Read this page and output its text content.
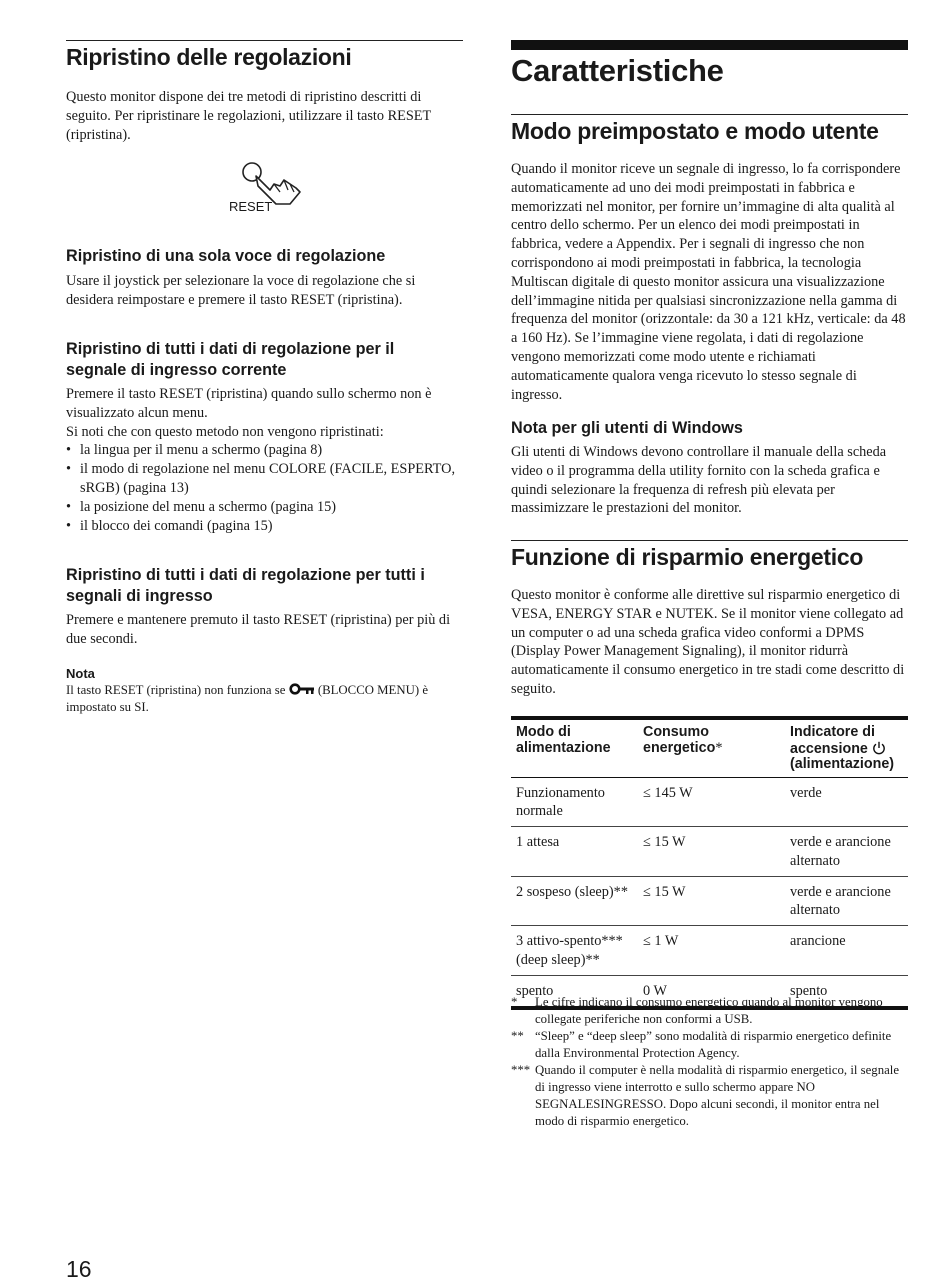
Ripristino delle regolazioni

Questo monitor dispone dei tre metodi di ripristino descritti di seguito. Per ripristinare le regolazioni, utilizzare il tasto RESET (ripristina).

RESET
Ripristino di una sola voce di regolazione

Usare il joystick per selezionare la voce di regolazione che si desidera reimpostare e premere il tasto RESET (ripristina).

Ripristino di tutti i dati di regolazione per il segnale di ingresso corrente

Premere il tasto RESET (ripristina) quando sullo schermo non è visualizzato alcun menu.

Si noti che con questo metodo non vengono ripristinati:

• la lingua per il menu a schermo (pagina 8)
• il modo di regolazione nel menu COLORE (FACILE, ESPERTO, sRGB) (pagina 13)
• la posizione del menu a schermo (pagina 15)
• il blocco dei comandi (pagina 15)
Ripristino di tutti i dati di regolazione per tutti i segnali di ingresso

Premere e mantenere premuto il tasto RESET (ripristina) per più di due secondi.

Nota
Il tasto RESET (ripristina) non funziona se	(BLOCCO MENU) è impostato su SI.
Caratteristiche
Modo preimpostato e modo utente

Quando il monitor riceve un segnale di ingresso, lo fa corrispondere automaticamente ad uno dei modi preimpostati in fabbrica e memorizzati nel monitor, per fornire un’immagine di alta qualità al centro dello schermo. Per un elenco dei modi preimpostati in fabbrica, vedere a Appendix. Per i segnali di ingresso che non corrispondono ai modi preimpostati in fabbrica, la tecnologia Multiscan digitale di questo monitor assicura una visualizzazione dell’immagine nitida per qualsiasi sincronizzazione nella gamma di frequenza del monitor (orizzontale: da 30 a 121 kHz, verticale: da 48 a 160 Hz). Se l’immagine viene regolata, i dati di regolazione vengono memorizzati come modo utente e richiamati automaticamente qualora venga ricevuto lo stesso segnale di ingresso.

Nota per gli utenti di Windows

Gli utenti di Windows devono controllare il manuale della scheda video o il programma della utility fornito con la scheda grafica e quindi selezionare la frequenza di refresh più elevata per massimizzare le prestazioni del monitor.

Funzione di risparmio energetico

Questo monitor è conforme alle direttive sul risparmio energetico di VESA, ENERGY STAR e NUTEK. Se il monitor viene collegato ad un computer o ad una scheda grafica video conformi a DPMS (Display Power Management Signaling), il monitor ridurrà automaticamente il consumo energetico in tre stadi come descritto di seguito.

Modo di alimentazione	Consumo energetico*	Indicatore di accensione
(alimentazione)
Funzionamento normale	≤ 145 W	verde
1 attesa	≤ 15 W	verde e arancione alternato
2 sospeso (sleep)**	≤ 15 W	verde e arancione alternato
3 attivo-spento*** (deep sleep)**	≤ 1 W	arancione
spento	0 W	spento
* Le cifre indicano il consumo energetico quando al monitor vengono collegate periferiche non conformi a USB.
** “Sleep” e “deep sleep” sono modalità di risparmio energetico definite dalla Environmental Protection Agency.
*** Quando il computer è nella modalità di risparmio energetico, il segnale di ingresso viene interrotto e sullo schermo appare NO SEGNALESINGRESSO. Dopo alcuni secondi, il monitor entra nel modo di risparmio energetico.
16
